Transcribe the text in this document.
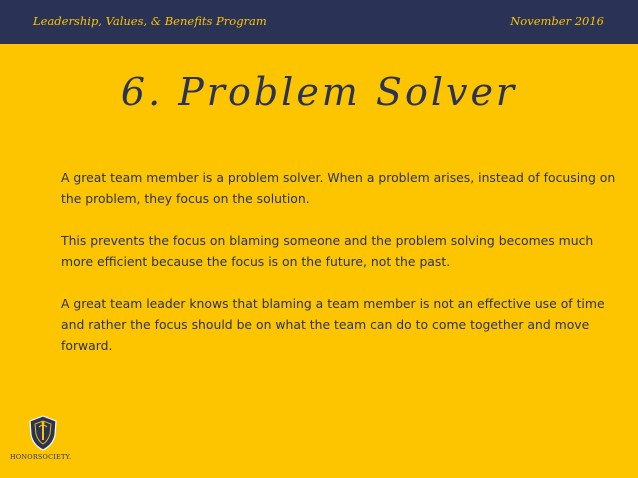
Leadership, Values, & Benefits Program	November 2016
6. Problem Solver

A great team member is a problem solver. When a problem arises, instead of focusing on the problem, they focus on the solution.

This prevents the focus on blaming someone and the problem solving becomes much more efficient because the focus is on the future, not the past.

A great team leader knows that blaming a team member is not an effective use of time and rather the focus should be on what the team can do to come together and move forward.

HONORSOCIETY.
